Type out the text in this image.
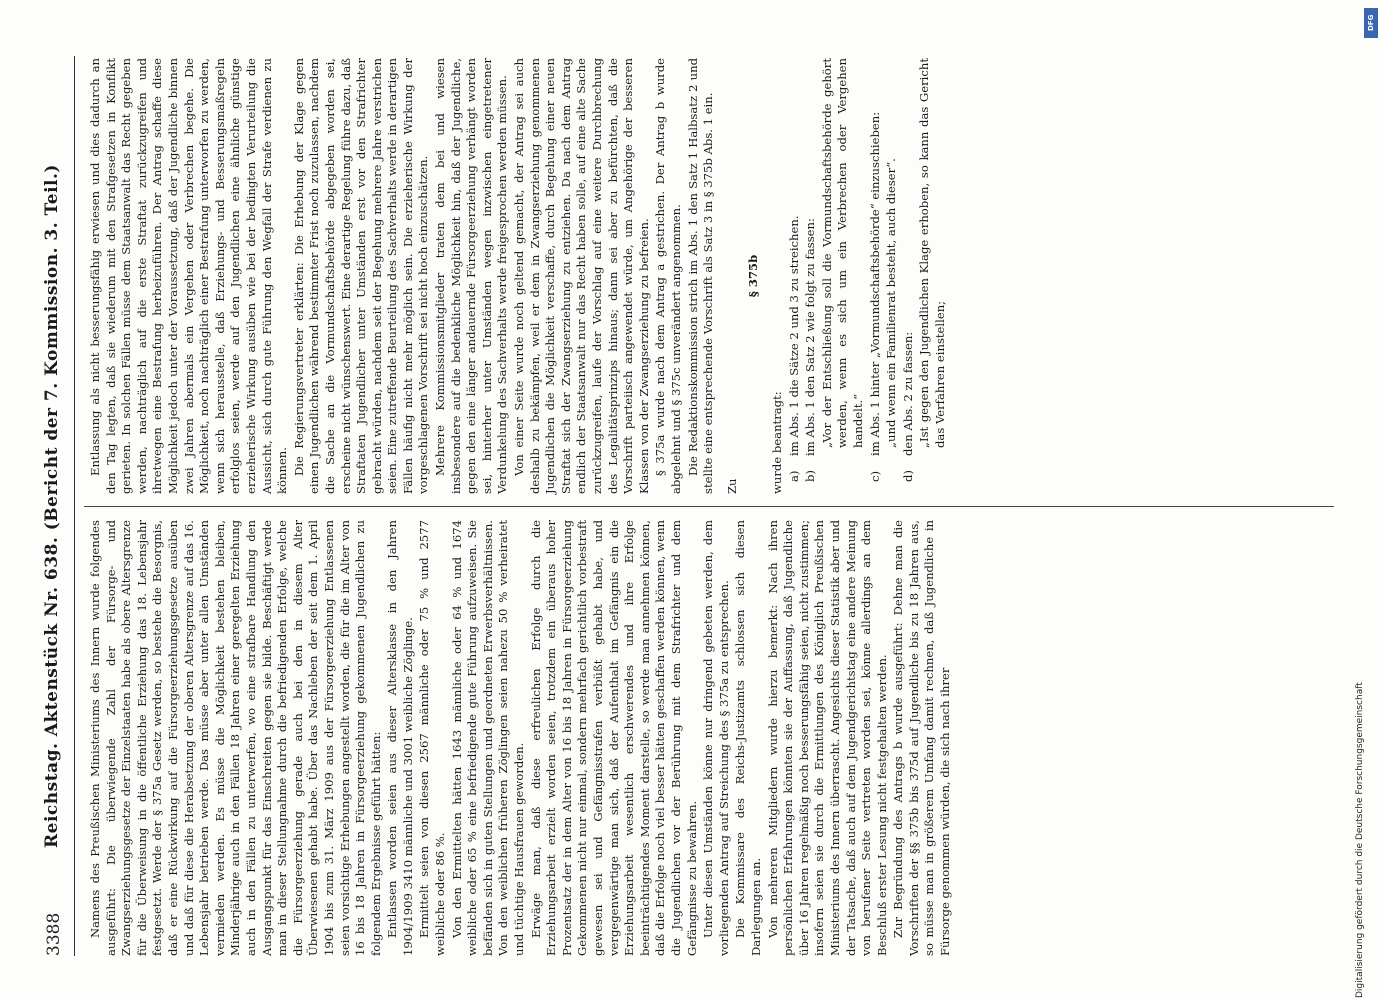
3388
Reichstag. Aktenstück Nr. 638. (Bericht der 7. Kommission. 3. Teil.) Namens des Preußischen Ministeriums des Innern wurde folgendes ausgeführt: Die überwiegende Zahl der Fürsorge- und Zwangserziehungsgesetze der Einzelstaaten habe als obere Altersgrenze für die Überweisung in die öffentliche Erziehung das 18. Lebensjahr festgesetzt. Werde der § 375a Gesetz werden, so bestehe die Besorgnis, daß er eine Rückwirkung auf die Fürsorgeerziehungsgesetze ausüben und daß für diese die Herabsetzung der oberen Altersgrenze auf das 16. Lebensjahr betrieben werde. Das müsse aber unter allen Umständen vermieden werden. Es müsse die Möglichkeit bestehen bleiben, Minderjährige auch in den Fällen 18 Jahren einer geregelten Erziehung auch in den Fällen zu unterwerfen, wo eine strafbare Handlung den Ausgangspunkt für das Einschreiten gegen sie bilde. Beschäftigt werde man in dieser Stellungnahme durch die befriedigenden Erfolge, welche die Fürsorgeerziehung gerade auch bei den in diesem Alter Überwiesenen gehabt habe. Über das Nachleben der seit dem 1. April 1904 bis zum 31. März 1909 aus der Fürsorgeerziehung Entlassenen seien vorsichtige Erhebungen angestellt worden, die für die im Alter von 16 bis 18 Jahren in Fürsorgeerziehung gekommenen Jugendlichen zu folgendem Ergebnisse geführt hätten: Entlassen worden seien aus dieser Altersklasse in den Jahren 1904/1909 3410 männliche und 3001 weibliche Zöglinge. Ermittelt seien von diesen 2567 männliche oder 75 % und 2577 weibliche oder 86 %. Von den Ermittelten hätten 1643 männliche oder 64 % und 1674 weibliche oder 65 % eine befriedigende gute Führung aufzuweisen. Sie befänden sich in guten Stellungen und geordneten Erwerbsverhältnissen. Von den weiblichen früheren Zöglingen seien nahezu 50 % verheiratet und tüchtige Hausfrauen geworden. Erwäge man, daß diese erfreulichen Erfolge durch die Erziehungsarbeit erzielt worden seien, trotzdem ein überaus hoher Prozentsatz der in dem Alter von 16 bis 18 Jahren in Fürsorgeerziehung Gekommenen nicht nur einmal, sondern mehrfach gerichtlich vorbestraft gewesen sei und Gefängnisstrafen verbüßt gehabt habe, und vergegenwärtige man sich, daß der Aufenthalt im Gefängnis ein die Erziehungsarbeit wesentlich erschwerendes und ihre Erfolge beeinträchtigendes Moment darstelle, so werde man annehmen können, daß die Erfolge noch viel besser hätten geschaffen werden können, wenn die Jugendlichen vor der Berührung mit dem Strafrichter und dem Gefängnisse zu bewahren. Unter diesen Umständen könne nur dringend gebeten werden, dem vorliegenden Antrag auf Streichung des § 375a zu entsprechen. Die Kommissare des Reichs-Justizamts schlossen sich diesen Darlegungen an. Von mehreren Mitgliedern wurde hierzu bemerkt: Nach ihren persönlichen Erfahrungen könnten sie der Auffassung, daß Jugendliche über 16 Jahren regelmäßig noch besserungsfähig seien, nicht zustimmen; insofern seien sie durch die Ermittlungen des Königlich Preußischen Ministeriums des Innern überrascht. Angesichts dieser Statistik aber und der Tatsache, daß auch auf dem Jugendgerichtstag eine andere Meinung von berufener Seite vertreten worden sei, könne allerdings an dem Beschluß erster Lesung nicht festgehalten werden. Zur Begründung des Antrags b wurde ausgeführt: Dehne man die Vorschriften der §§ 375b bis 375d auf Jugendliche bis zu 18 Jahren aus, so müsse man in größerem Umfang damit rechnen, daß Jugendliche in Fürsorge genommen würden, die sich nach ihrer

Entlassung als nicht besserungsfähig erwiesen und dies dadurch an den Tag legten, daß sie wiederum mit den Strafgesetzen in Konflikt gerieten. In solchen Fällen müsse dem Staatsanwalt das Recht gegeben werden, nachträglich auf die erste Straftat zurückzugreifen und ihretwegen eine Bestrafung herbeizuführen. Der Antrag schaffe diese Möglichkeit jedoch unter der Voraussetzung, daß der Jugendliche binnen zwei Jahren abermals ein Vergehen oder Verbrechen begehe. Die Möglichkeit, noch nachträglich einer Bestrafung unterworfen zu werden, wenn sich herausstelle, daß Erziehungs- und Besserungsmaßregeln erfolglos seien, werde auf den Jugendlichen eine ähnliche günstige erzieherische Wirkung ausüben wie bei der bedingten Verurteilung die Aussicht, sich durch gute Führung den Wegfall der Strafe verdienen zu können. Die Regierungsvertreter erklärten: Die Erhebung der Klage gegen einen Jugendlichen während bestimmter Frist noch zuzulassen, nachdem die Sache an die Vormundschaftsbehörde abgegeben worden sei, erscheine nicht wünschenswert. Eine derartige Regelung führe dazu, daß Straftaten Jugendlicher unter Umständen erst vor den Strafrichter gebracht würden, nachdem seit der Begehung mehrere Jahre verstrichen seien. Eine zutreffende Beurteilung des Sachverhalts werde in derartigen Fällen häufig nicht mehr möglich sein. Die erzieherische Wirkung der vorgeschlagenen Vorschrift sei nicht hoch einzuschätzen. Mehrere Kommissionsmitglieder traten dem bei und wiesen insbesondere auf die bedenkliche Möglichkeit hin, daß der Jugendliche, gegen den eine länger andauernde Fürsorgeerziehung verhängt worden sei, hinterher unter Umständen wegen inzwischen eingetretener Verdunkelung des Sachverhalts werde freigesprochen werden müssen. Von einer Seite wurde noch geltend gemacht, der Antrag sei auch deshalb zu bekämpfen, weil er dem in Zwangserziehung genommenen Jugendlichen die Möglichkeit verschaffe, durch Begehung einer neuen Straftat sich der Zwangserziehung zu entziehen. Da nach dem Antrag endlich der Staatsanwalt nur das Recht haben solle, auf eine alte Sache zurückzugreifen, laufe der Vorschlag auf eine weitere Durchbrechung des Legalitätsprinzips hinaus; dann sei aber zu befürchten, daß die Vorschrift parteiisch angewendet würde, um Angehörige der besseren Klassen von der Zwangserziehung zu befreien. § 375a wurde nach dem Antrag a gestrichen. Der Antrag b wurde abgelehnt und § 375c unverändert angenommen. Die Redaktionskommission strich im Abs. 1 den Satz 1 Halbsatz 2 und stellte eine entsprechende Vorschrift als Satz 3 in § 375b Abs. 1 ein. Zu

§ 375b

wurde beantragt: a)im Abs. 1 die Sätze 2 und 3 zu streichen.

b)im Abs. 1 den Satz 2 wie folgt zu fassen: „Vor der Entschließung soll die Vormundschaftsbehörde gehört werden, wenn es sich um ein Verbrechen oder Vergehen handelt.“

c)im Abs. 1 hinter „Vormundschaftsbehörde“ einzuschieben: „und wenn ein Familienrat besteht, auch dieser“.

d)den Abs. 2 zu fassen: „Ist gegen den Jugendlichen Klage erhoben, so kann das Gericht das Verfahren einstellen;

Digitalisierung gefördert durch die Deutsche Forschungsgemeinschaft
DFG
